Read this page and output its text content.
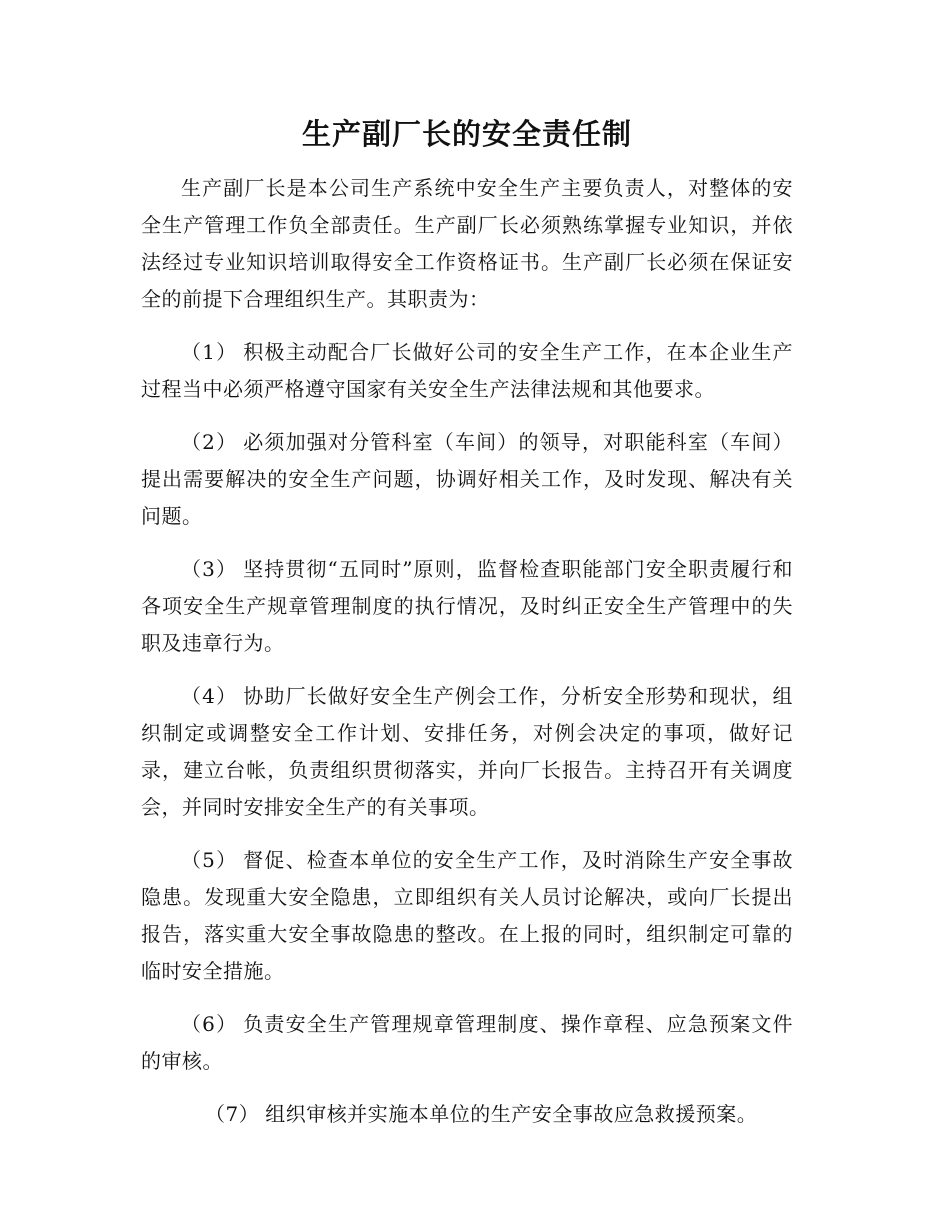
生产副厂长的安全责任制

生产副厂长是本公司生产系统中安全生产主要负责人，对整体的安全生产管理工作负全部责任。生产副厂长必须熟练掌握专业知识，并依法经过专业知识培训取得安全工作资格证书。生产副厂长必须在保证安全的前提下合理组织生产。其职责为：

（1） 积极主动配合厂长做好公司的安全生产工作，在本企业生产过程当中必须严格遵守国家有关安全生产法律法规和其他要求。

（2） 必须加强对分管科室（车间）的领导，对职能科室（车间）提出需要解决的安全生产问题，协调好相关工作，及时发现、解决有关问题。

（3） 坚持贯彻“五同时”原则，监督检查职能部门安全职责履行和各项安全生产规章管理制度的执行情况，及时纠正安全生产管理中的失职及违章行为。

（4） 协助厂长做好安全生产例会工作，分析安全形势和现状，组织制定或调整安全工作计划、安排任务，对例会决定的事项，做好记录，建立台帐，负责组织贯彻落实，并向厂长报告。主持召开有关调度会，并同时安排安全生产的有关事项。

（5） 督促、检查本单位的安全生产工作，及时消除生产安全事故隐患。发现重大安全隐患，立即组织有关人员讨论解决，或向厂长提出报告，落实重大安全事故隐患的整改。在上报的同时，组织制定可靠的临时安全措施。

（6） 负责安全生产管理规章管理制度、操作章程、应急预案文件的审核。

（7） 组织审核并实施本单位的生产安全事故应急救援预案。
